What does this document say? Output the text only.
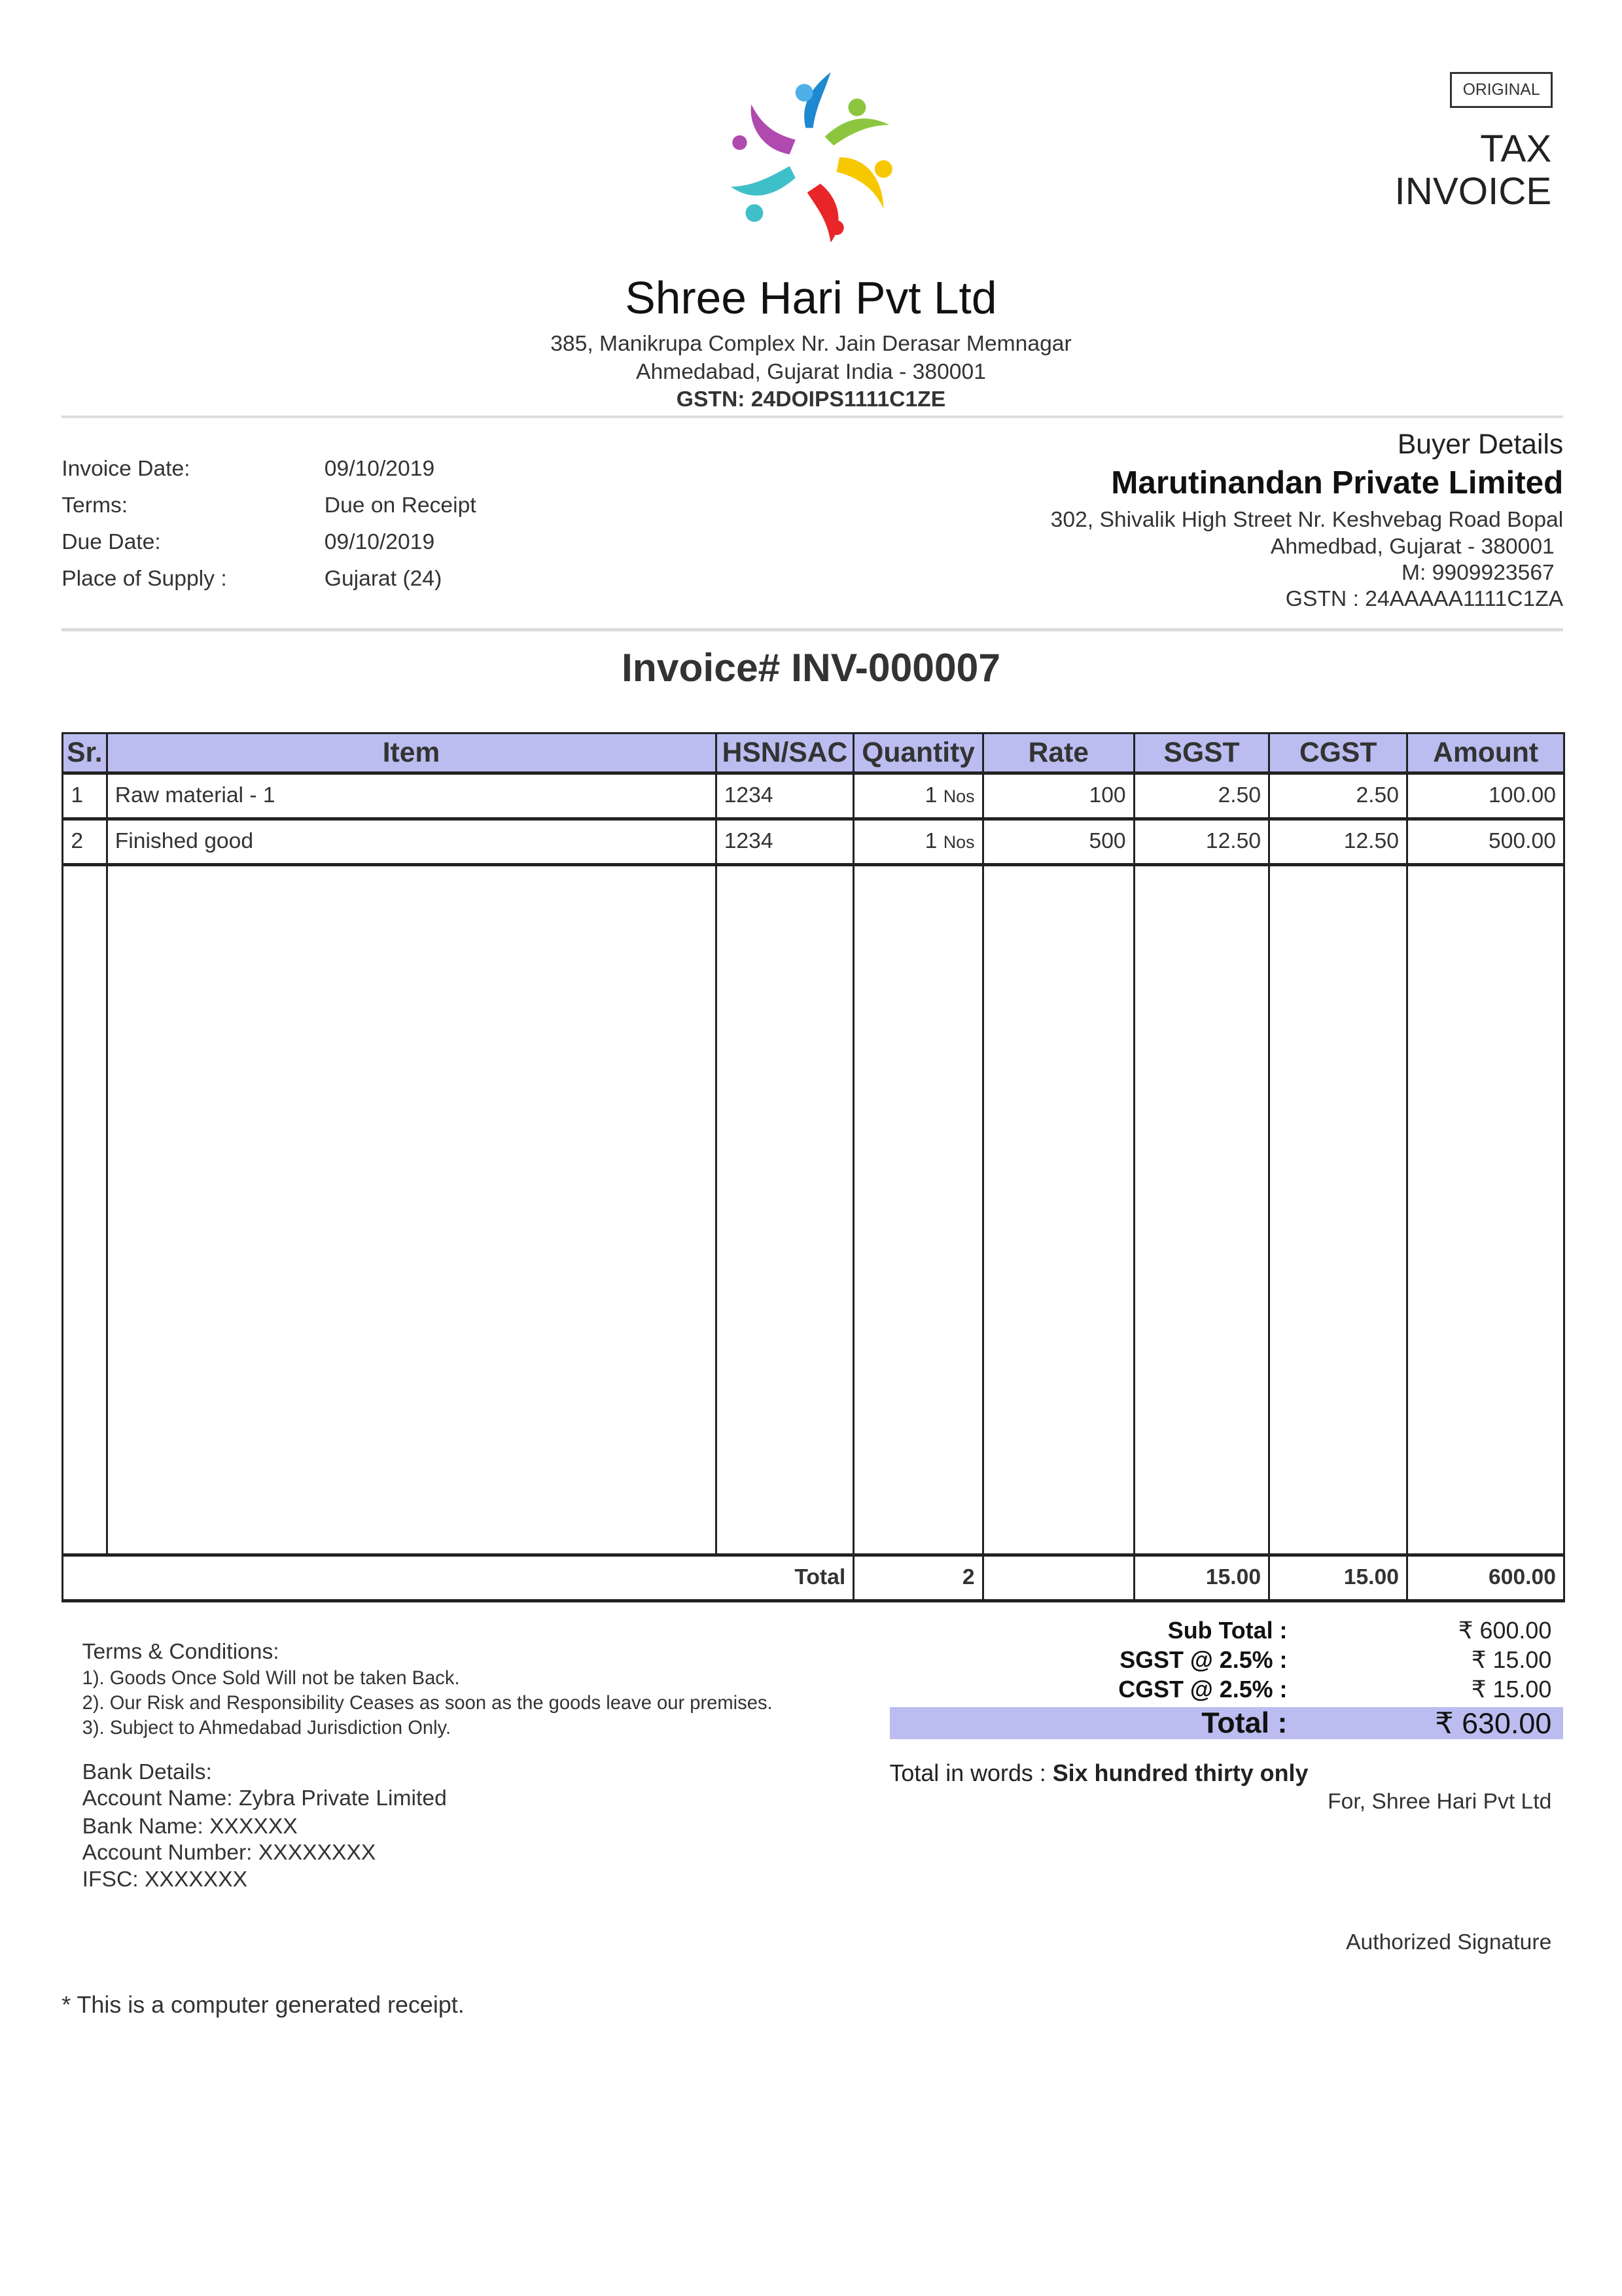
ORIGINAL
TAX
INVOICE
Shree Hari Pvt Ltd
385, Manikrupa Complex Nr. Jain Derasar Memnagar
Ahmedabad, Gujarat India - 380001
GSTN: 24DOIPS1111C1ZE
Invoice Date:	09/10/2019
Terms:	Due on Receipt
Due Date:	09/10/2019
Place of Supply :	Gujarat (24)
Buyer Details
Marutinandan Private Limited
302, Shivalik High Street Nr. Keshvebag Road Bopal
Ahmedbad, Gujarat - 380001
M: 9909923567
GSTN : 24AAAAA1111C1ZA
Invoice# INV-000007
Sr.	Item	HSN/SAC	Quantity	Rate	SGST	CGST	Amount
1	Raw material - 1	1234	1 Nos	100	2.50	2.50	100.00
2	Finished good	1234	1 Nos	500	12.50	12.50	500.00

Total			2		15.00	15.00	600.00
Sub Total :	₹ 600.00
SGST @ 2.5% :	₹ 15.00
CGST @ 2.5% :	₹ 15.00
Total :	₹ 630.00
Total in words : Six hundred thirty only
Terms & Conditions:
1). Goods Once Sold Will not be taken Back.
2). Our Risk and Responsibility Ceases as soon as the goods leave our premises.
3). Subject to Ahmedabad Jurisdiction Only.
Bank Details:
Account Name: Zybra Private Limited
Bank Name: XXXXXX
Account Number: XXXXXXXX
IFSC: XXXXXXX
For, Shree Hari Pvt Ltd
Authorized Signature
* This is a computer generated receipt.
